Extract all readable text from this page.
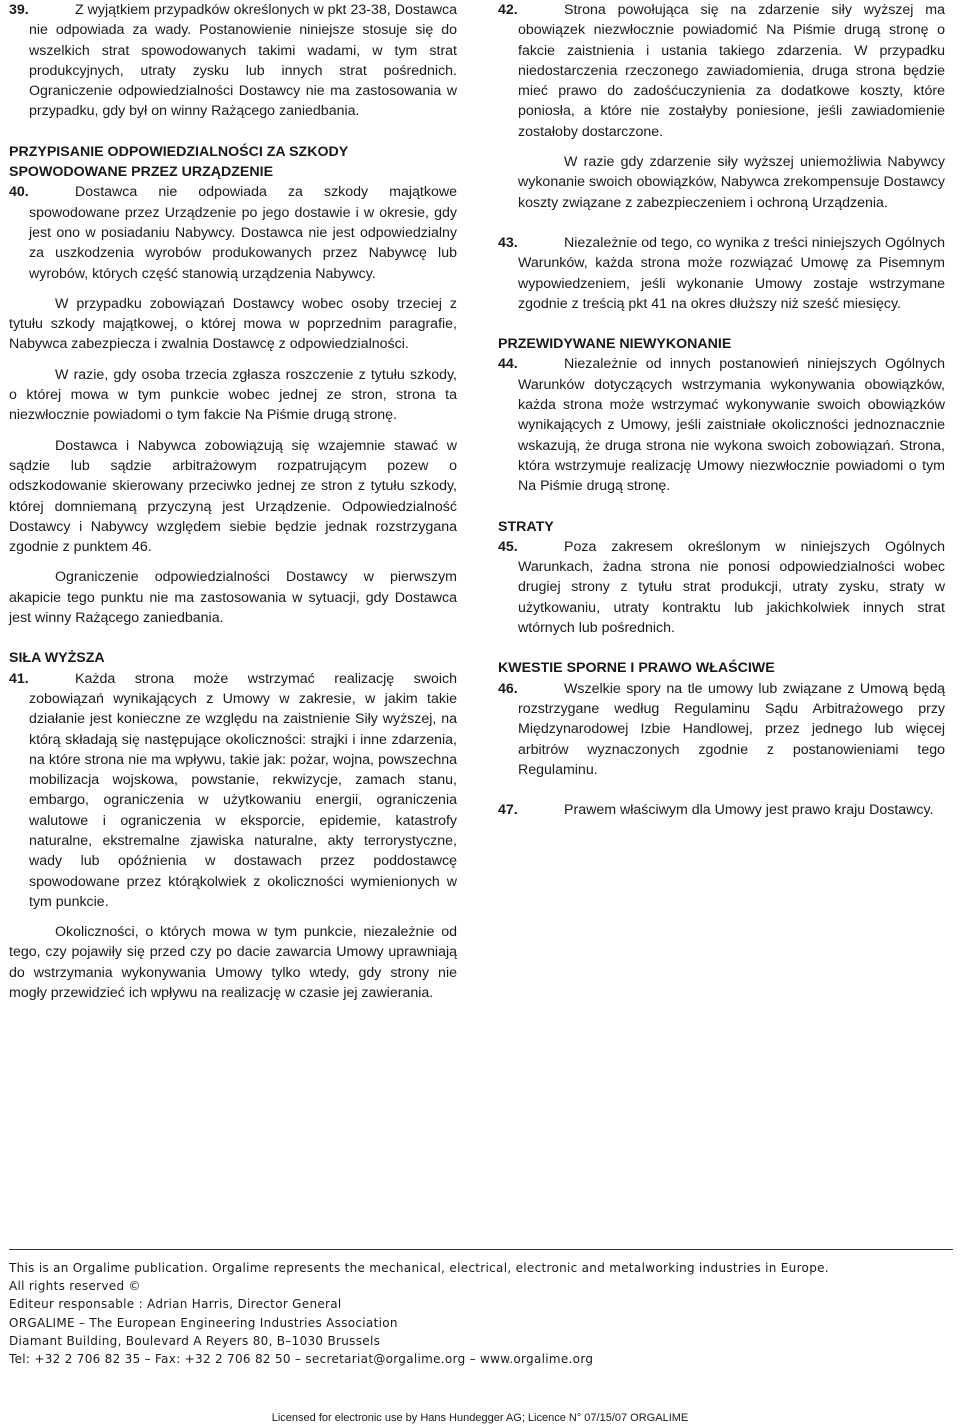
39.	Z wyjątkiem przypadków określonych w pkt 23-38, Dostawca nie odpowiada za wady. Postanowienie niniejsze stosuje się do wszelkich strat spowodowanych takimi wadami, w tym strat produkcyjnych, utraty zysku lub innych strat pośrednich. Ograniczenie odpowiedzialności Dostawcy nie ma zastosowania w przypadku, gdy był on winny Rażącego zaniedbania.

PRZYPISANIE ODPOWIEDZIALNOŚCI ZA SZKODY SPOWODOWANE PRZEZ URZĄDZENIE

40.	Dostawca nie odpowiada za szkody majątkowe spowodowane przez Urządzenie po jego dostawie i w okresie, gdy jest ono w posiadaniu Nabywcy. Dostawca nie jest odpowiedzialny za uszkodzenia wyrobów produkowanych przez Nabywcę lub wyrobów, których część stanowią urządzenia Nabywcy.

W przypadku zobowiązań Dostawcy wobec osoby trzeciej z tytułu szkody majątkowej, o której mowa w poprzednim paragrafie, Nabywca zabezpiecza i zwalnia Dostawcę z odpowiedzialności.

W razie, gdy osoba trzecia zgłasza roszczenie z tytułu szkody, o której mowa w tym punkcie wobec jednej ze stron, strona ta niezwłocznie powiadomi o tym fakcie Na Piśmie drugą stronę.

Dostawca i Nabywca zobowiązują się wzajemnie stawać w sądzie lub sądzie arbitrażowym rozpatrującym pozew o odszkodowanie skierowany przeciwko jednej ze stron z tytułu szkody, której domniemaną przyczyną jest Urządzenie. Odpowiedzialność Dostawcy i Nabywcy względem siebie będzie jednak rozstrzygana zgodnie z punktem 46.

Ograniczenie odpowiedzialności Dostawcy w pierwszym akapicie tego punktu nie ma zastosowania w sytuacji, gdy Dostawca jest winny Rażącego zaniedbania.

SIŁA WYŻSZA

41.	Każda strona może wstrzymać realizację swoich zobowiązań wynikających z Umowy w zakresie, w jakim takie działanie jest konieczne ze względu na zaistnienie Siły wyższej, na którą składają się następujące okoliczności: strajki i inne zdarzenia, na które strona nie ma wpływu, takie jak: pożar, wojna, powszechna mobilizacja wojskowa, powstanie, rekwizycje, zamach stanu, embargo, ograniczenia w użytkowaniu energii, ograniczenia walutowe i ograniczenia w eksporcie, epidemie, katastrofy naturalne, ekstremalne zjawiska naturalne, akty terrorystyczne, wady lub opóźnienia w dostawach przez poddostawcę spowodowane przez którąkolwiek z okoliczności wymienionych w tym punkcie.

Okoliczności, o których mowa w tym punkcie, niezależnie od tego, czy pojawiły się przed czy po dacie zawarcia Umowy uprawniają do wstrzymania wykonywania Umowy tylko wtedy, gdy strony nie mogły przewidzieć ich wpływu na realizację w czasie jej zawierania.

42.	Strona powołująca się na zdarzenie siły wyższej ma obowiązek niezwłocznie powiadomić Na Piśmie drugą stronę o fakcie zaistnienia i ustania takiego zdarzenia. W przypadku niedostarczenia rzeczonego zawiadomienia, druga strona będzie mieć prawo do zadośćuczynienia za dodatkowe koszty, które poniosła, a które nie zostałyby poniesione, jeśli zawiadomienie zostałoby dostarczone.

W razie gdy zdarzenie siły wyższej uniemożliwia Nabywcy wykonanie swoich obowiązków, Nabywca zrekompensuje Dostawcy koszty związane z zabezpieczeniem i ochroną Urządzenia.

43.	Niezależnie od tego, co wynika z treści niniejszych Ogólnych Warunków, każda strona może rozwiązać Umowę za Pisemnym wypowiedzeniem, jeśli wykonanie Umowy zostaje wstrzymane zgodnie z treścią pkt 41 na okres dłuższy niż sześć miesięcy.

PRZEWIDYWANE NIEWYKONANIE

44.	Niezależnie od innych postanowień niniejszych Ogólnych Warunków dotyczących wstrzymania wykonywania obowiązków, każda strona może wstrzymać wykonywanie swoich obowiązków wynikających z Umowy, jeśli zaistniałe okoliczności jednoznacznie wskazują, że druga strona nie wykona swoich zobowiązań. Strona, która wstrzymuje realizację Umowy niezwłocznie powiadomi o tym Na Piśmie drugą stronę.

STRATY

45.	Poza zakresem określonym w niniejszych Ogólnych Warunkach, żadna strona nie ponosi odpowiedzialności wobec drugiej strony z tytułu strat produkcji, utraty zysku, straty w użytkowaniu, utraty kontraktu lub jakichkolwiek innych strat wtórnych lub pośrednich.

KWESTIE SPORNE I PRAWO WŁAŚCIWE

46.	Wszelkie spory na tle umowy lub związane z Umową będą rozstrzygane według Regulaminu Sądu Arbitrażowego przy Międzynarodowej Izbie Handlowej, przez jednego lub więcej arbitrów wyznaczonych zgodnie z postanowieniami tego Regulaminu.

47.	Prawem właściwym dla Umowy jest prawo kraju Dostawcy.

This is an Orgalime publication. Orgalime represents the mechanical, electrical, electronic and metalworking industries in Europe.
All rights reserved ©
Editeur responsable : Adrian Harris, Director General
ORGALIME – The European Engineering Industries Association
Diamant Building, Boulevard A Reyers 80, B–1030 Brussels
Tel: +32 2 706 82 35 – Fax: +32 2 706 82 50 – secretariat@orgalime.org – www.orgalime.org
Licensed for electronic use by Hans Hundegger AG; Licence N° 07/15/07 ORGALIME
